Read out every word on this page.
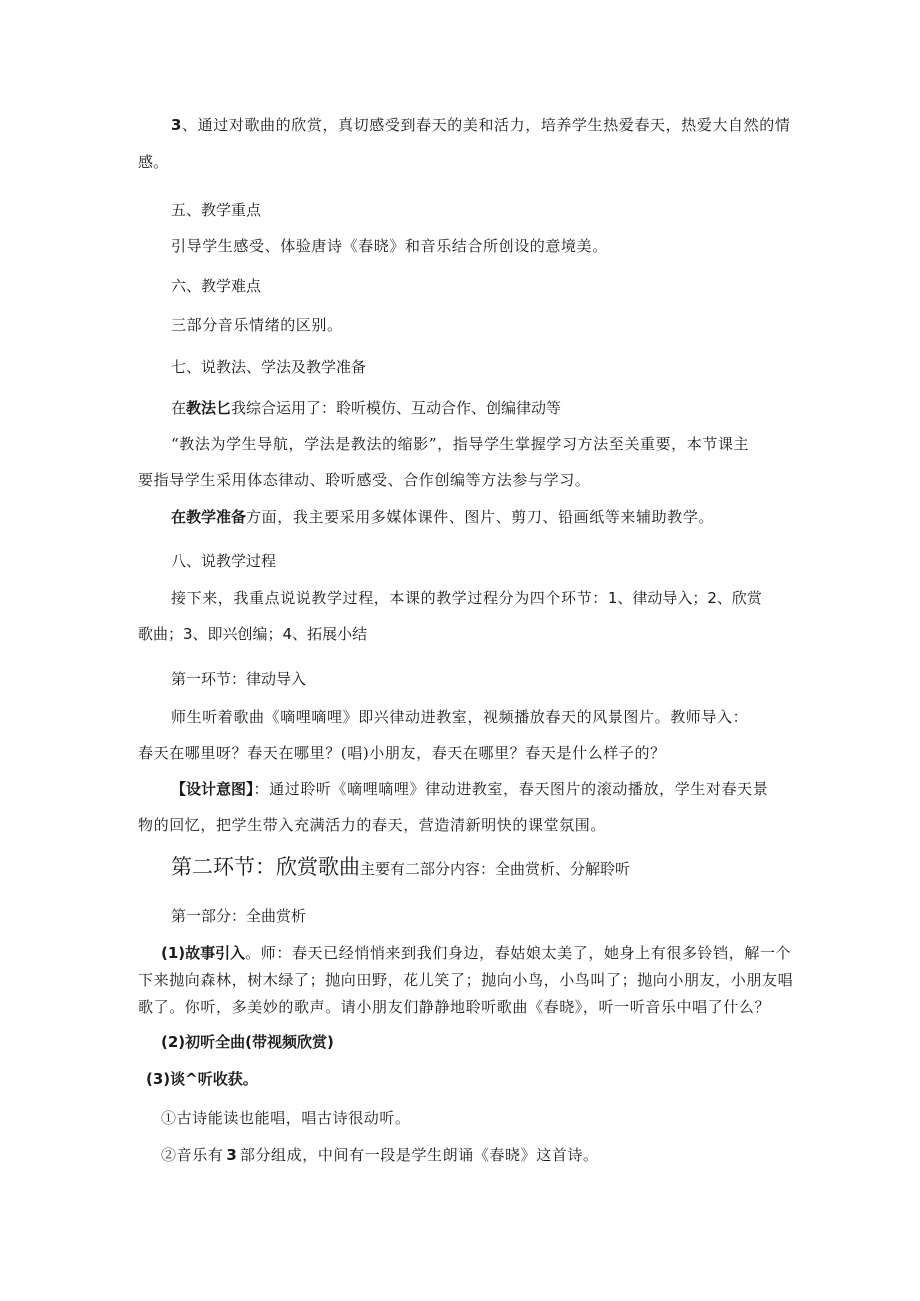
3、通过对歌曲的欣赏，真切感受到春天的美和活力，培养学生热爱春天，热爱大自然的情
感。
五、教学重点
引导学生感受、体验唐诗《春晓》和音乐结合所创设的意境美。
六、教学难点
三部分音乐情绪的区别。
七、说教法、学法及教学准备
在教法匕我综合运用了：聆听模仿、互动合作、创编律动等
“教法为学生导航，学法是教法的缩影”，指导学生掌握学习方法至关重要，本节课主
要指导学生采用体态律动、聆听感受、合作创编等方法参与学习。
在教学准备方面，我主要采用多媒体课件、图片、剪刀、铅画纸等来辅助教学。
八、说教学过程
接下来，我重点说说教学过程，本课的教学过程分为四个环节：1、律动导入；2、欣赏
歌曲；3、即兴创编；4、拓展小结
第一环节：律动导入
师生听着歌曲《嘀哩嘀哩》即兴律动进教室，视频播放春天的风景图片。教师导入：
春天在哪里呀？春天在哪里？(唱)小朋友，春天在哪里？春天是什么样子的？
【设计意图】：通过聆听《嘀哩嘀哩》律动进教室，春天图片的滚动播放，学生对春天景
物的回忆，把学生带入充满活力的春天，营造清新明快的课堂氛围。
第二环节：欣赏歌曲主要有二部分内容：全曲赏析、分解聆听
第一部分：全曲赏析
(1)故事引入。师：春天已经悄悄来到我们身边，春姑娘太美了，她身上有很多铃铛，解一个
下来抛向森林，树木绿了；抛向田野，花儿笑了；抛向小鸟，小鸟叫了；抛向小朋友，小朋友唱
歌了。你听，多美妙的歌声。请小朋友们静静地聆听歌曲《春晓》，听一听音乐中唱了什么？
(2)初听全曲(带视频欣赏)
(3)谈^听收获。
①古诗能读也能唱，唱古诗很动听。
②音乐有 3 部分组成，中间有一段是学生朗诵《春晓》这首诗。
